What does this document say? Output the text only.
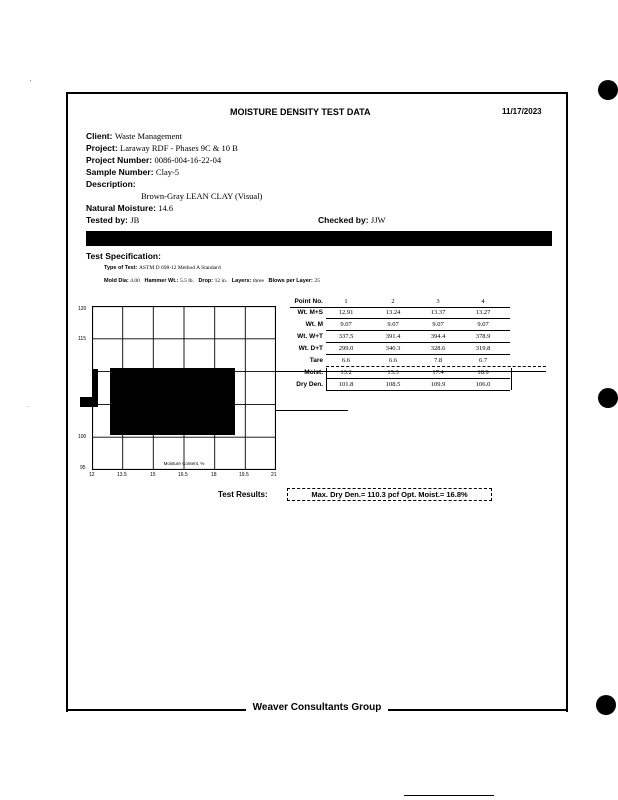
Weaver Consultants Group
MOISTURE DENSITY TEST DATA	11/17/2023
Client: Waste Management
Project: Laraway RDF - Phases 9C & 10 B
Project Number: 0086-004-16-22-04
Sample Number: Clay-5
Description:
Brown-Gray LEAN CLAY (Visual)
Natural Moisture: 14.6
Tested by: JB	Checked by: JJW
Test Specification:
Type of Test: ASTM D 698-12 Method A Standard
Mold Dia: 4.00 Hammer Wt.: 5.5 lb. Drop: 12 in. Layers: three Blows per Layer: 25
Moisture Content, %
120
115
100
95
12	13.5	15	16.5	18	19.5	21
Point No.	1	2	3	4
Wt. M+S	12.91	13.24	13.37	13.27
Wt. M	9.07	9.07	9.07	9.07
Wt. W+T	337.5	391.4	394.4	378.9
Wt. D+T	299.0	340.3	328.6	319.8
Tare	6.6	6.6	7.8	6.7
Moist.	13.2	15.3	17.4	18.9
Dry Den.	101.8	108.5	109.9	106.0
Test Results:	Max. Dry Den.= 110.3 pcf Opt. Moist.= 16.8%
'
.
